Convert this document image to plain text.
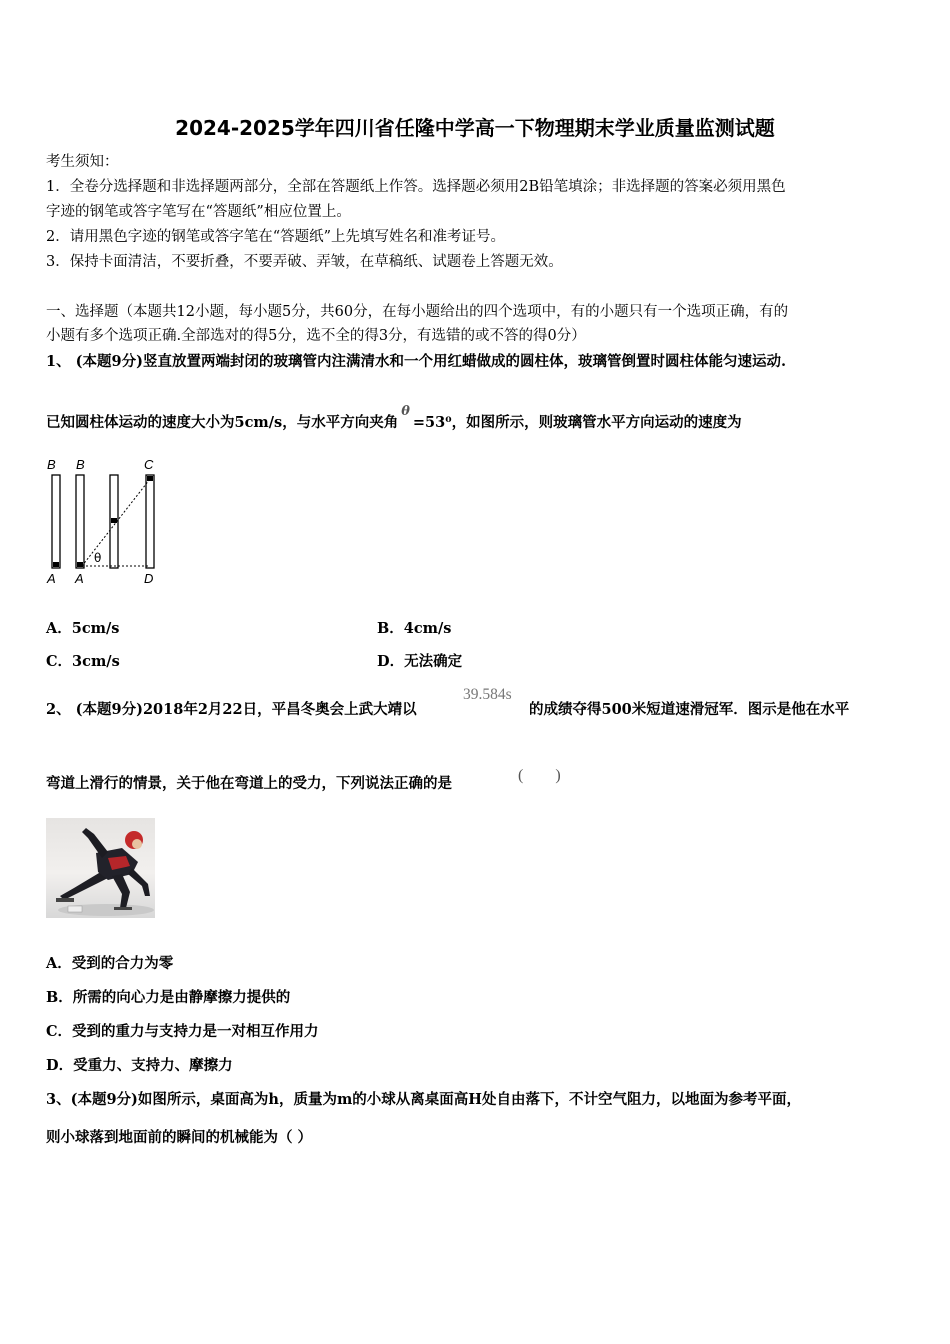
2024-2025学年四川省任隆中学高一下物理期末学业质量监测试题
考生须知：
1．全卷分选择题和非选择题两部分，全部在答题纸上作答。选择题必须用2B铅笔填涂；非选择题的答案必须用黑色
字迹的钢笔或答字笔写在“答题纸”相应位置上。
2．请用黑色字迹的钢笔或答字笔在“答题纸”上先填写姓名和准考证号。
3．保持卡面清洁，不要折叠，不要弄破、弄皱，在草稿纸、试题卷上答题无效。
一、选择题（本题共12小题，每小题5分，共60分，在每小题给出的四个选项中，有的小题只有一个选项正确，有的
小题有多个选项正确.全部选对的得5分，选不全的得3分，有选错的或不答的得0分）
1、 (本题9分)竖直放置两端封闭的玻璃管内注满清水和一个用红蜡做成的圆柱体，玻璃管倒置时圆柱体能匀速运动.
已知圆柱体运动的速度大小为5cm/s，与水平方向夹角θ=53⁰，如图所示，则玻璃管水平方向运动的速度为
B B	C
A A	D
θ
A．5cm/s	B．4cm/s
C．3cm/s	D．无法确定
2、 (本题9分)2018年2月22日，平昌冬奥会上武大靖以
39.584s
的成绩夺得500米短道速滑冠军．图示是他在水平
弯道上滑行的情景，关于他在弯道上的受力，下列说法正确的是	(　　)
A．受到的合力为零
B．所需的向心力是由静摩擦力提供的
C．受到的重力与支持力是一对相互作用力
D．受重力、支持力、摩擦力
3、(本题9分)如图所示，桌面高为h，质量为m的小球从离桌面高H处自由落下，不计空气阻力，以地面为参考平面，
则小球落到地面前的瞬间的机械能为（ ）
